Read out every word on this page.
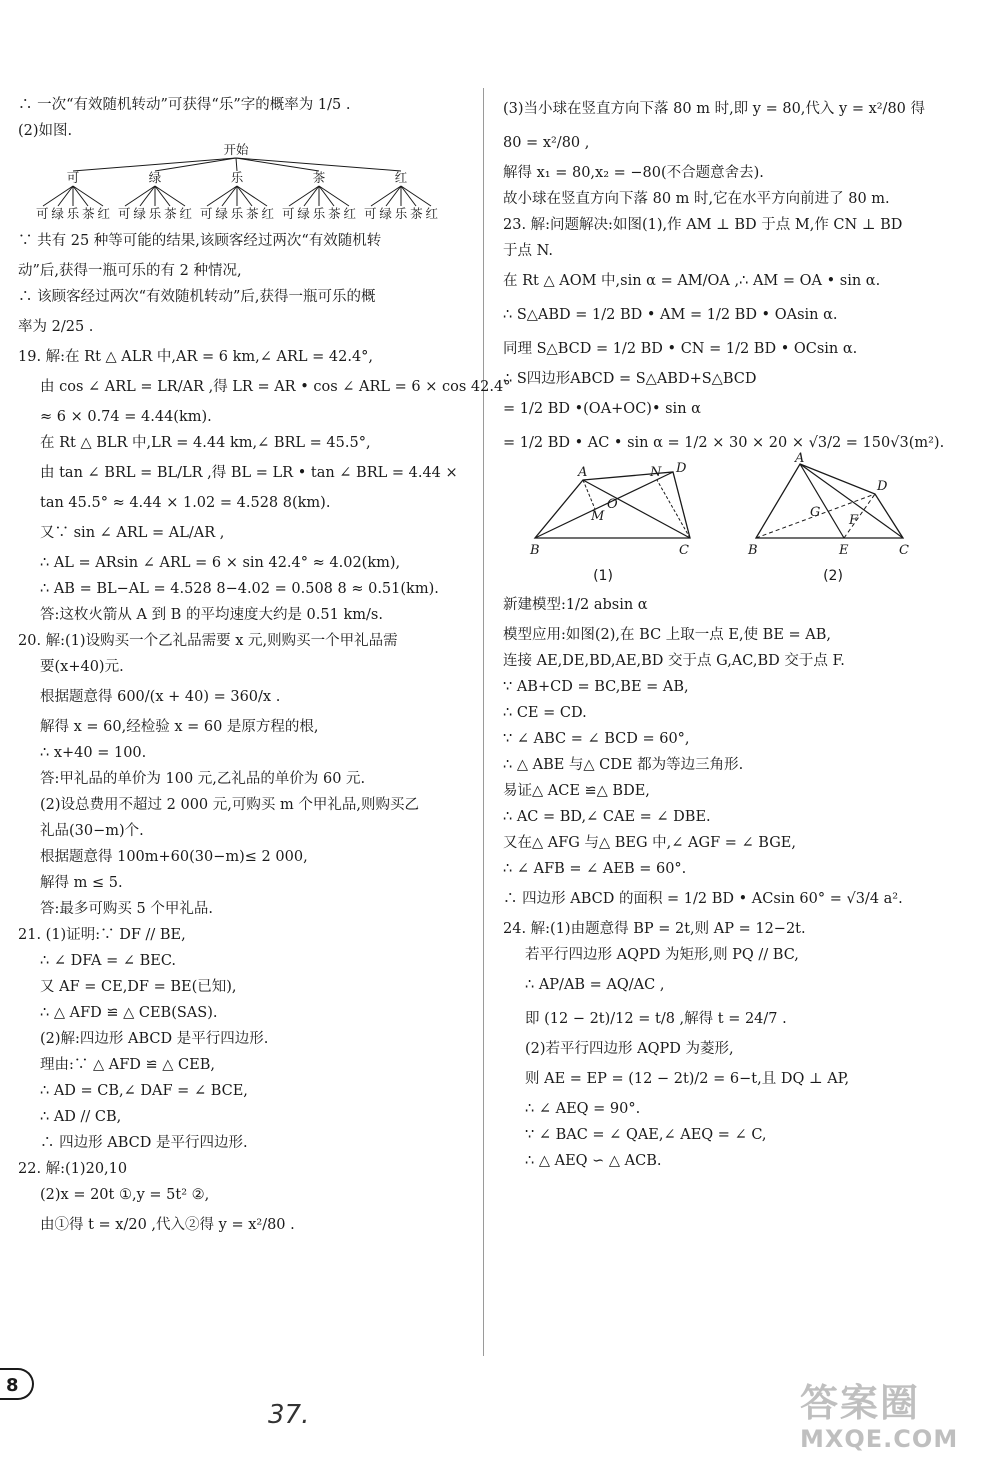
∴ 一次“有效随机转动”可获得“乐”字的概率为 1/5 .
(2)如图.
开始
可	绿	乐	茶	红
可绿乐茶红 可绿乐茶红 可绿乐茶红 可绿乐茶红 可绿乐茶红
∵ 共有 25 种等可能的结果,该顾客经过两次“有效随机转
动”后,获得一瓶可乐的有 2 种情况,
∴ 该顾客经过两次“有效随机转动”后,获得一瓶可乐的概
率为 2/25 .
19. 解:在 Rt △ ALR 中,AR = 6 km,∠ ARL = 42.4°,
由 cos ∠ ARL = LR/AR ,得 LR = AR • cos ∠ ARL = 6 × cos 42.4°
≈ 6 × 0.74 = 4.44(km).
在 Rt △ BLR 中,LR = 4.44 km,∠ BRL = 45.5°,
由 tan ∠ BRL = BL/LR ,得 BL = LR • tan ∠ BRL = 4.44 ×
tan 45.5° ≈ 4.44 × 1.02 = 4.528 8(km).
又∵ sin ∠ ARL = AL/AR ,
∴ AL = ARsin ∠ ARL = 6 × sin 42.4° ≈ 4.02(km),
∴ AB = BL−AL = 4.528 8−4.02 = 0.508 8 ≈ 0.51(km).
答:这枚火箭从 A 到 B 的平均速度大约是 0.51 km/s.
20. 解:(1)设购买一个乙礼品需要 x 元,则购买一个甲礼品需
要(x+40)元.
根据题意得 600/(x + 40) = 360/x .
解得 x = 60,经检验 x = 60 是原方程的根,
∴ x+40 = 100.
答:甲礼品的单价为 100 元,乙礼品的单价为 60 元.
(2)设总费用不超过 2 000 元,可购买 m 个甲礼品,则购买乙
礼品(30−m)个.
根据题意得 100m+60(30−m)≤ 2 000,
解得 m ≤ 5.
答:最多可购买 5 个甲礼品.
21. (1)证明:∵ DF // BE,
∴ ∠ DFA = ∠ BEC.
又 AF = CE,DF = BE(已知),
∴ △ AFD ≌ △ CEB(SAS).
(2)解:四边形 ABCD 是平行四边形.
理由:∵ △ AFD ≌ △ CEB,
∴ AD = CB,∠ DAF = ∠ BCE,
∴ AD // CB,
∴ 四边形 ABCD 是平行四边形.
22. 解:(1)20,10
(2)x = 20t ①,y = 5t² ②,
由①得 t = x/20 ,代入②得 y = x²/80 .
(3)当小球在竖直方向下落 80 m 时,即 y = 80,代入 y = x²/80 得
80 = x²/80 ,
解得 x₁ = 80,x₂ = −80(不合题意舍去).
故小球在竖直方向下落 80 m 时,它在水平方向前进了 80 m.
23. 解:问题解决:如图(1),作 AM ⊥ BD 于点 M,作 CN ⊥ BD
于点 N.
在 Rt △ AOM 中,sin α = AM/OA ,∴ AM = OA • sin α.
∴ S△ABD = 1/2 BD • AM = 1/2 BD • OAsin α.
同理 S△BCD = 1/2 BD • CN = 1/2 BD • OCsin α.
∴ S四边形ABCD = S△ABD+S△BCD
= 1/2 BD •(OA+OC)• sin α
= 1/2 BD • AC • sin α = 1/2 × 30 × 20 × √3/2 = 150√3(m²).
A	N D
O
M
B	C
(1)
A
D
G
F
B	E	C
(2)
新建模型:1/2 absin α
模型应用:如图(2),在 BC 上取一点 E,使 BE = AB,
连接 AE,DE,BD,AE,BD 交于点 G,AC,BD 交于点 F.
∵ AB+CD = BC,BE = AB,
∴ CE = CD.
∵ ∠ ABC = ∠ BCD = 60°,
∴ △ ABE 与△ CDE 都为等边三角形.
易证△ ACE ≌△ BDE,
∴ AC = BD,∠ CAE = ∠ DBE.
又在△ AFG 与△ BEG 中,∠ AGF = ∠ BGE,
∴ ∠ AFB = ∠ AEB = 60°.
∴ 四边形 ABCD 的面积 = 1/2 BD • ACsin 60° = √3/4 a².
24. 解:(1)由题意得 BP = 2t,则 AP = 12−2t.
若平行四边形 AQPD 为矩形,则 PQ // BC,
∴ AP/AB = AQ/AC ,
即 (12 − 2t)/12 = t/8 ,解得 t = 24/7 .
(2)若平行四边形 AQPD 为菱形,
则 AE = EP = (12 − 2t)/2 = 6−t,且 DQ ⊥ AP,
∴ ∠ AEQ = 90°.
∵ ∠ BAC = ∠ QAE,∠ AEQ = ∠ C,
∴ △ AEQ ∽ △ ACB.
8
37.	答案圈
MXQE.COM
